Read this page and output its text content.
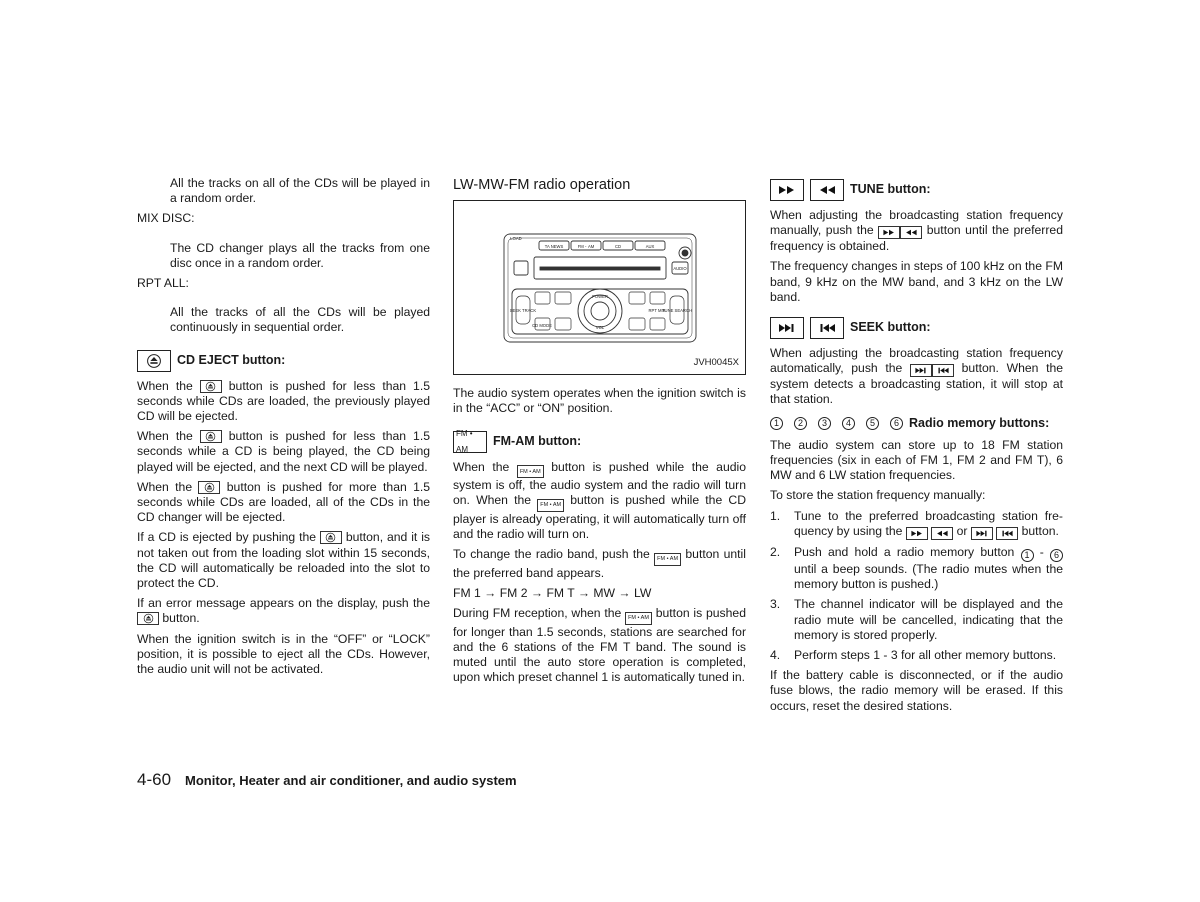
All the tracks on all of the CDs will be played in a random order.

MIX DISC:

The CD changer plays all the tracks from one disc once in a random order.

RPT ALL:

All the tracks of all the CDs will be played continuously in sequential order.

CD EJECT button:

When the	button is pushed for less than 1.5 seconds while CDs are loaded, the previously played CD will be ejected.

When the	button is pushed for less than 1.5 seconds while a CD is being played, the CD being played will be ejected, and the next CD will be played.

When the	button is pushed for more than 1.5 seconds while CDs are loaded, all of the CDs in the CD changer will be ejected.

If a CD is ejected by pushing the button, and it is not taken out from the loading slot within 15 seconds, the CD will automatically be reloaded into the slot to protect the CD.

If an error message appears on the display, push the
button.

When the ignition switch is in the “OFF” or “LOCK” position, it is possible to eject all the CDs. However, the audio unit will not be activated.

LW-MW-FM radio operation
LOAD
TA NEWS	FM・AM	CD	AUX
AUDIO
SEEK TRACK
CD MODE
TUNE SEARCH
RPT MIX
POWER
VOL
JVH0045X

The audio system operates when the ignition switch is in the “ACC” or “ON” position.

FM • AM
FM-AM button:

When the FM • AM button is pushed while the audio system is off, the audio system and the radio will turn on. When the FM • AM button is pushed while the CD player is already operating, it will automatically turn off and the radio will turn on.

To change the radio band, push the FM • AM button until the preferred band appears.

FM 1 → FM 2 → FM T → MW → LW

During FM reception, when the FM • AM button is pushed for longer than 1.5 seconds, stations are searched for and the 6 stations of the FM T band. The sound is muted until the auto store operation is completed, upon which preset channel 1 is automatically tuned in.

TUNE button:

When adjusting the broadcasting station frequency manually, push the	button until the preferred frequency is obtained.

The frequency changes in steps of 100 kHz on the FM band, 9 kHz on the MW band, and 3 kHz on the LW band.

SEEK button:

When adjusting the broadcasting station frequency automatically, push the	button. When the system detects a broadcasting station, it will stop at that station.

1	2	3	4	5	6 Radio memory buttons:

The audio system can store up to 18 FM station frequencies (six in each of FM 1, FM 2 and FM T), 6 MW and 6 LW station frequencies.

To store the station frequency manually:

1.	Tune to the preferred broadcasting station fre-quency by using the
	or
	button.
2.	Push and hold a radio memory button 1 - 6 until a beep sounds. (The radio mutes when the memory button is pushed.)
3.	The channel indicator will be displayed and the radio mute will be cancelled, indicating that the memory is stored properly.
4.	Perform steps 1 - 3 for all other memory buttons.

If the battery cable is disconnected, or if the audio fuse blows, the radio memory will be erased. If this occurs, reset the desired stations.

4-60 Monitor, Heater and air conditioner, and audio system
